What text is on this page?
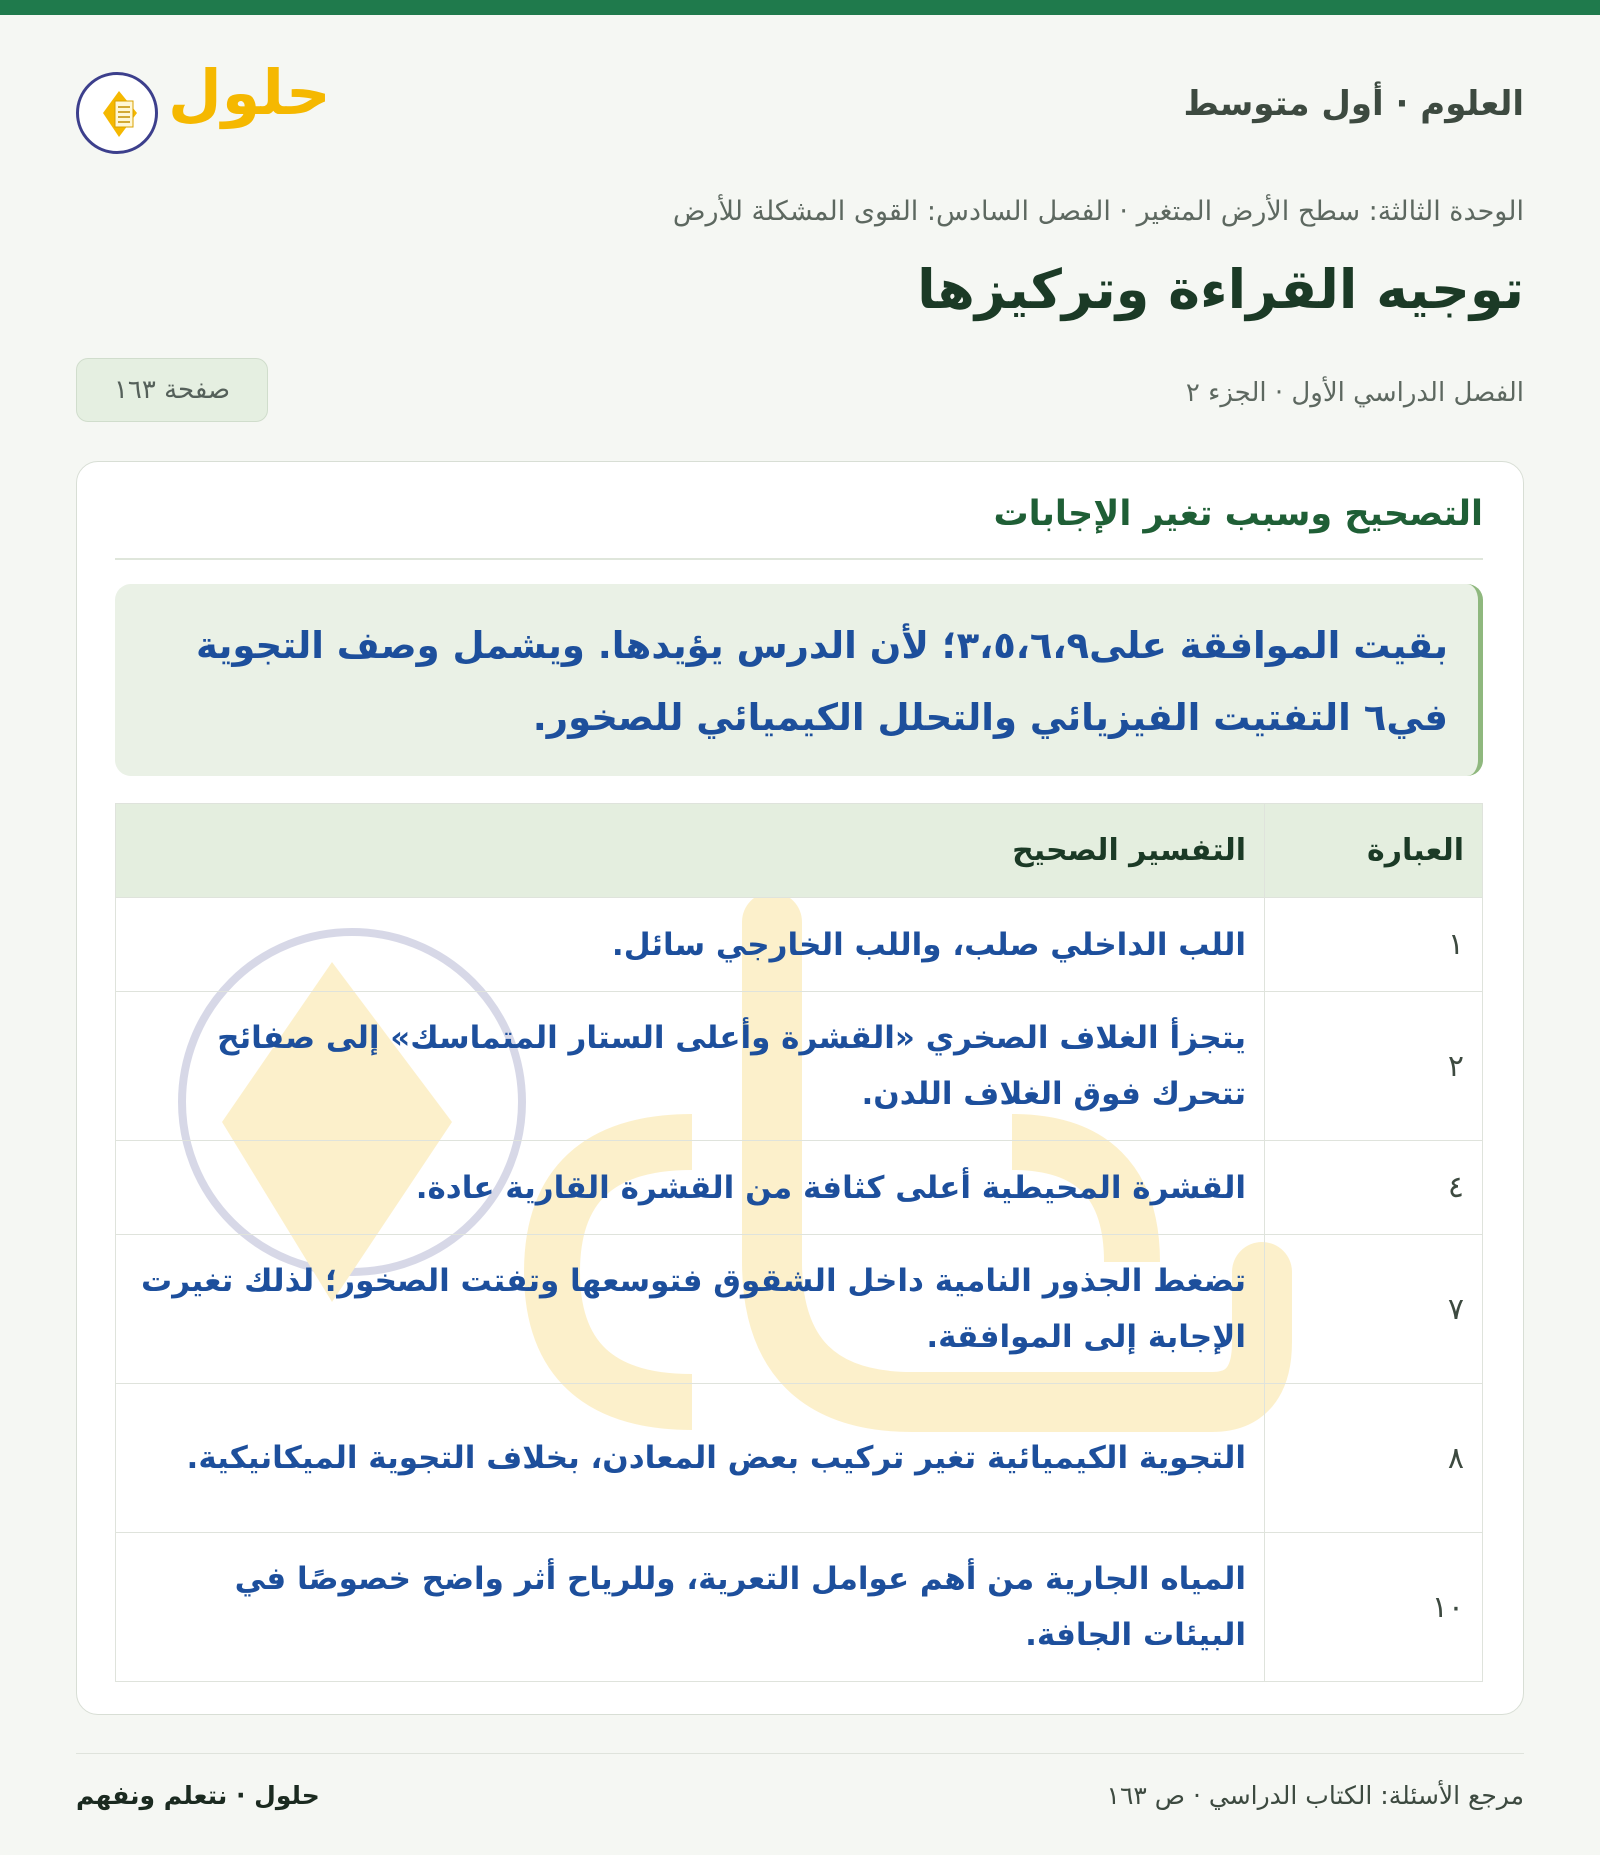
العلوم · أول متوسط
حلول
الوحدة الثالثة: سطح الأرض المتغير · الفصل السادس: القوى المشكلة للأرض
توجيه القراءة وتركيزها
الفصل الدراسي الأول · الجزء ٢
صفحة ١٦٣
التصحيح وسبب تغير الإجابات

بقيت الموافقة على٣،٥،٦،٩؛ لأن الدرس يؤيدها. ويشمل وصف التجوية في٦ التفتيت الفيزيائي والتحلل الكيميائي للصخور.

العبارة	التفسير الصحيح
١	اللب الداخلي صلب، واللب الخارجي سائل.
٢	يتجزأ الغلاف الصخري «القشرة وأعلى الستار المتماسك» إلى صفائح تتحرك فوق الغلاف اللدن.
٤	القشرة المحيطية أعلى كثافة من القشرة القارية عادة.
٧	تضغط الجذور النامية داخل الشقوق فتوسعها وتفتت الصخور؛ لذلك تغيرت الإجابة إلى الموافقة.
٨	التجوية الكيميائية تغير تركيب بعض المعادن، بخلاف التجوية الميكانيكية.
١٠	المياه الجارية من أهم عوامل التعرية، وللرياح أثر واضح خصوصًا في البيئات الجافة.
مرجع الأسئلة: الكتاب الدراسي · ص ١٦٣
حلول · نتعلم ونفهم
